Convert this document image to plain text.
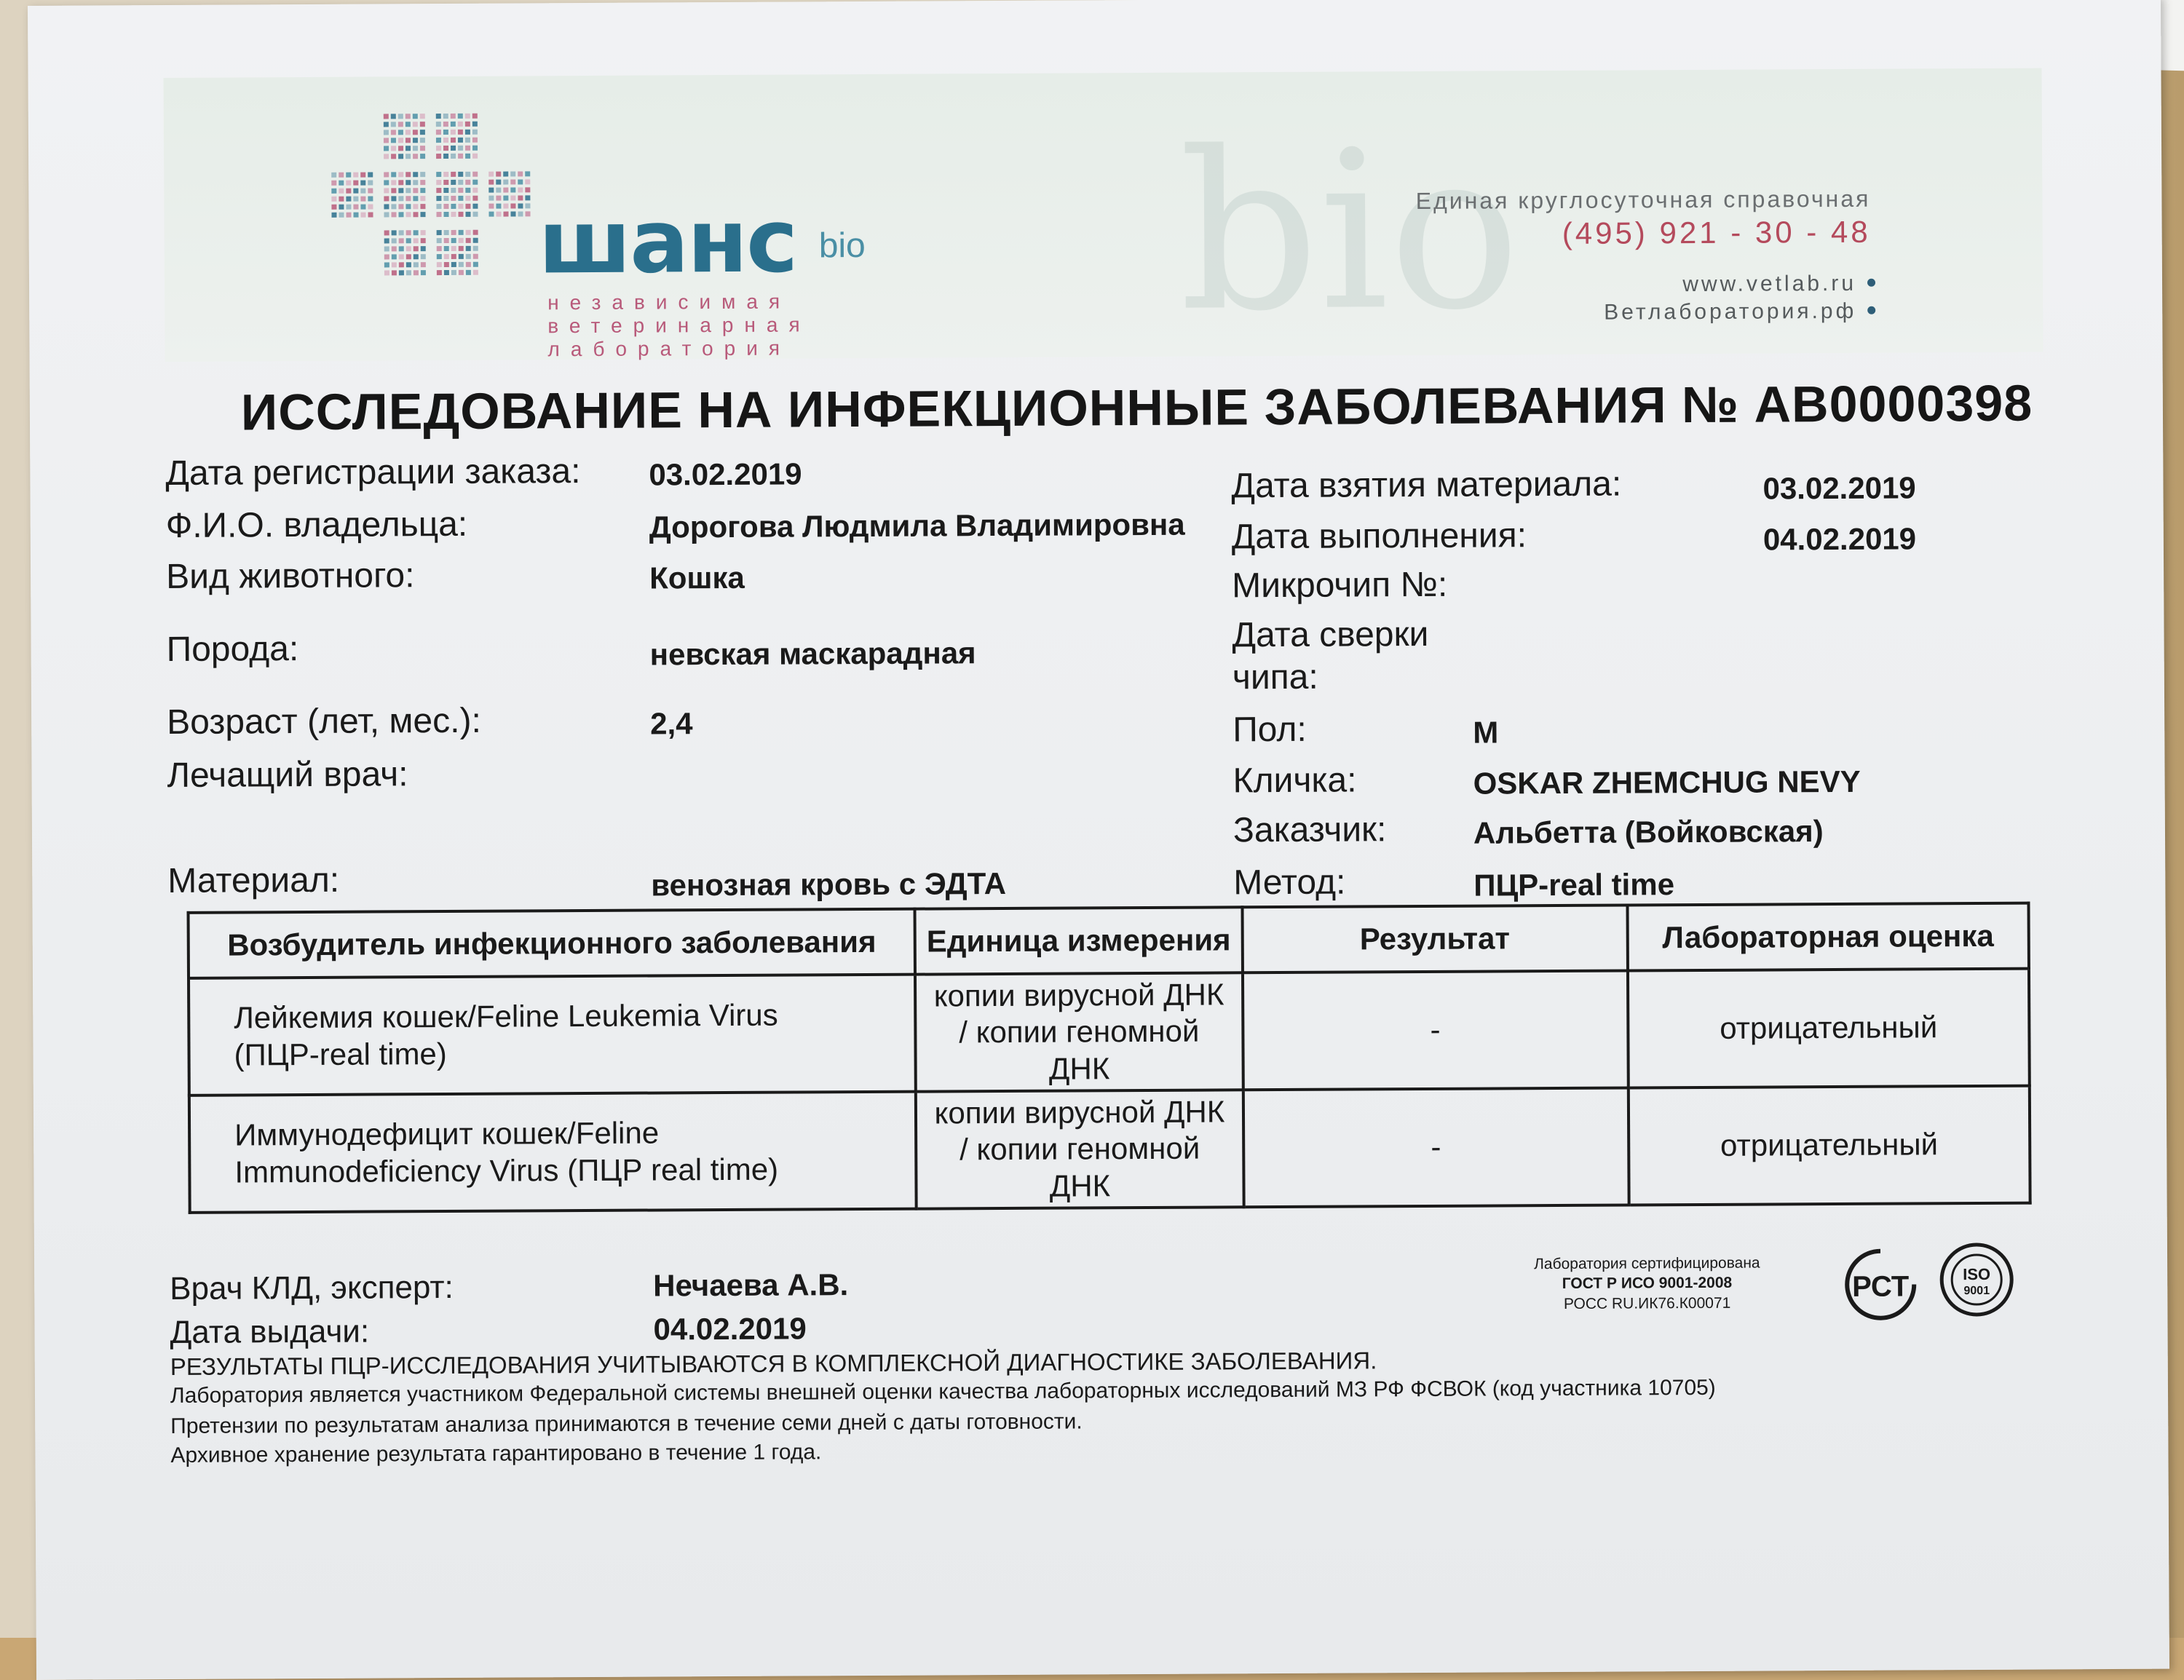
bio
шанс bio
независимая
ветеринарная
лаборатория
Единая круглосуточная справочная
(495) 921 - 30 - 48
www.vetlab.ru
Ветлаборатория.рф
ИССЛЕДОВАНИЕ НА ИНФЕКЦИОННЫЕ ЗАБОЛЕВАНИЯ № AB0000398
Дата регистрации заказа: 03.02.2019
Ф.И.О. владельца:	Дорогова Людмила Владимировна
Вид животного:	Кошка
Порода:	невская маскарадная
Возраст (лет, мес.):	2,4
Лечащий врач:
Материал:	венозная кровь с ЭДТА
Дата взятия материала:	03.02.2019
Дата выполнения:	04.02.2019
Микрочип №:
Дата сверки
чипа:
Пол:	М
Кличка:	OSKAR ZHEMCHUG NEVY
Заказчик:	Альбетта (Войковская)
Метод:	ПЦР-real time
Возбудитель инфекционного заболевания	Единица измерения	Результат	Лабораторная оценка
Лейкемия кошек/Feline Leukemia Virus
(ПЦР-real time)	копии вирусной ДНК
/ копии геномной
ДНК	-	отрицательный
Иммунодефицит кошек/Feline
Immunodeficiency Virus (ПЦР real time)	копии вирусной ДНК
/ копии геномной
ДНК	-	отрицательный
Врач КЛД, эксперт:	Нечаева А.В.
Дата выдачи:	04.02.2019
РЕЗУЛЬТАТЫ ПЦР-ИССЛЕДОВАНИЯ УЧИТЫВАЮТСЯ В КОМПЛЕКСНОЙ ДИАГНОСТИКЕ ЗАБОЛЕВАНИЯ.
Лаборатория является участником Федеральной системы внешней оценки качества лабораторных исследований МЗ РФ ФСВОК (код участника 10705)
Претензии по результатам анализа принимаются в течение семи дней с даты готовности.
Архивное хранение результата гарантировано в течение 1 года.
Лаборатория сертифицирована
ГОСТ Р ИСО 9001-2008
РОСС RU.ИК76.К00071
РСТ	ISO
9001
